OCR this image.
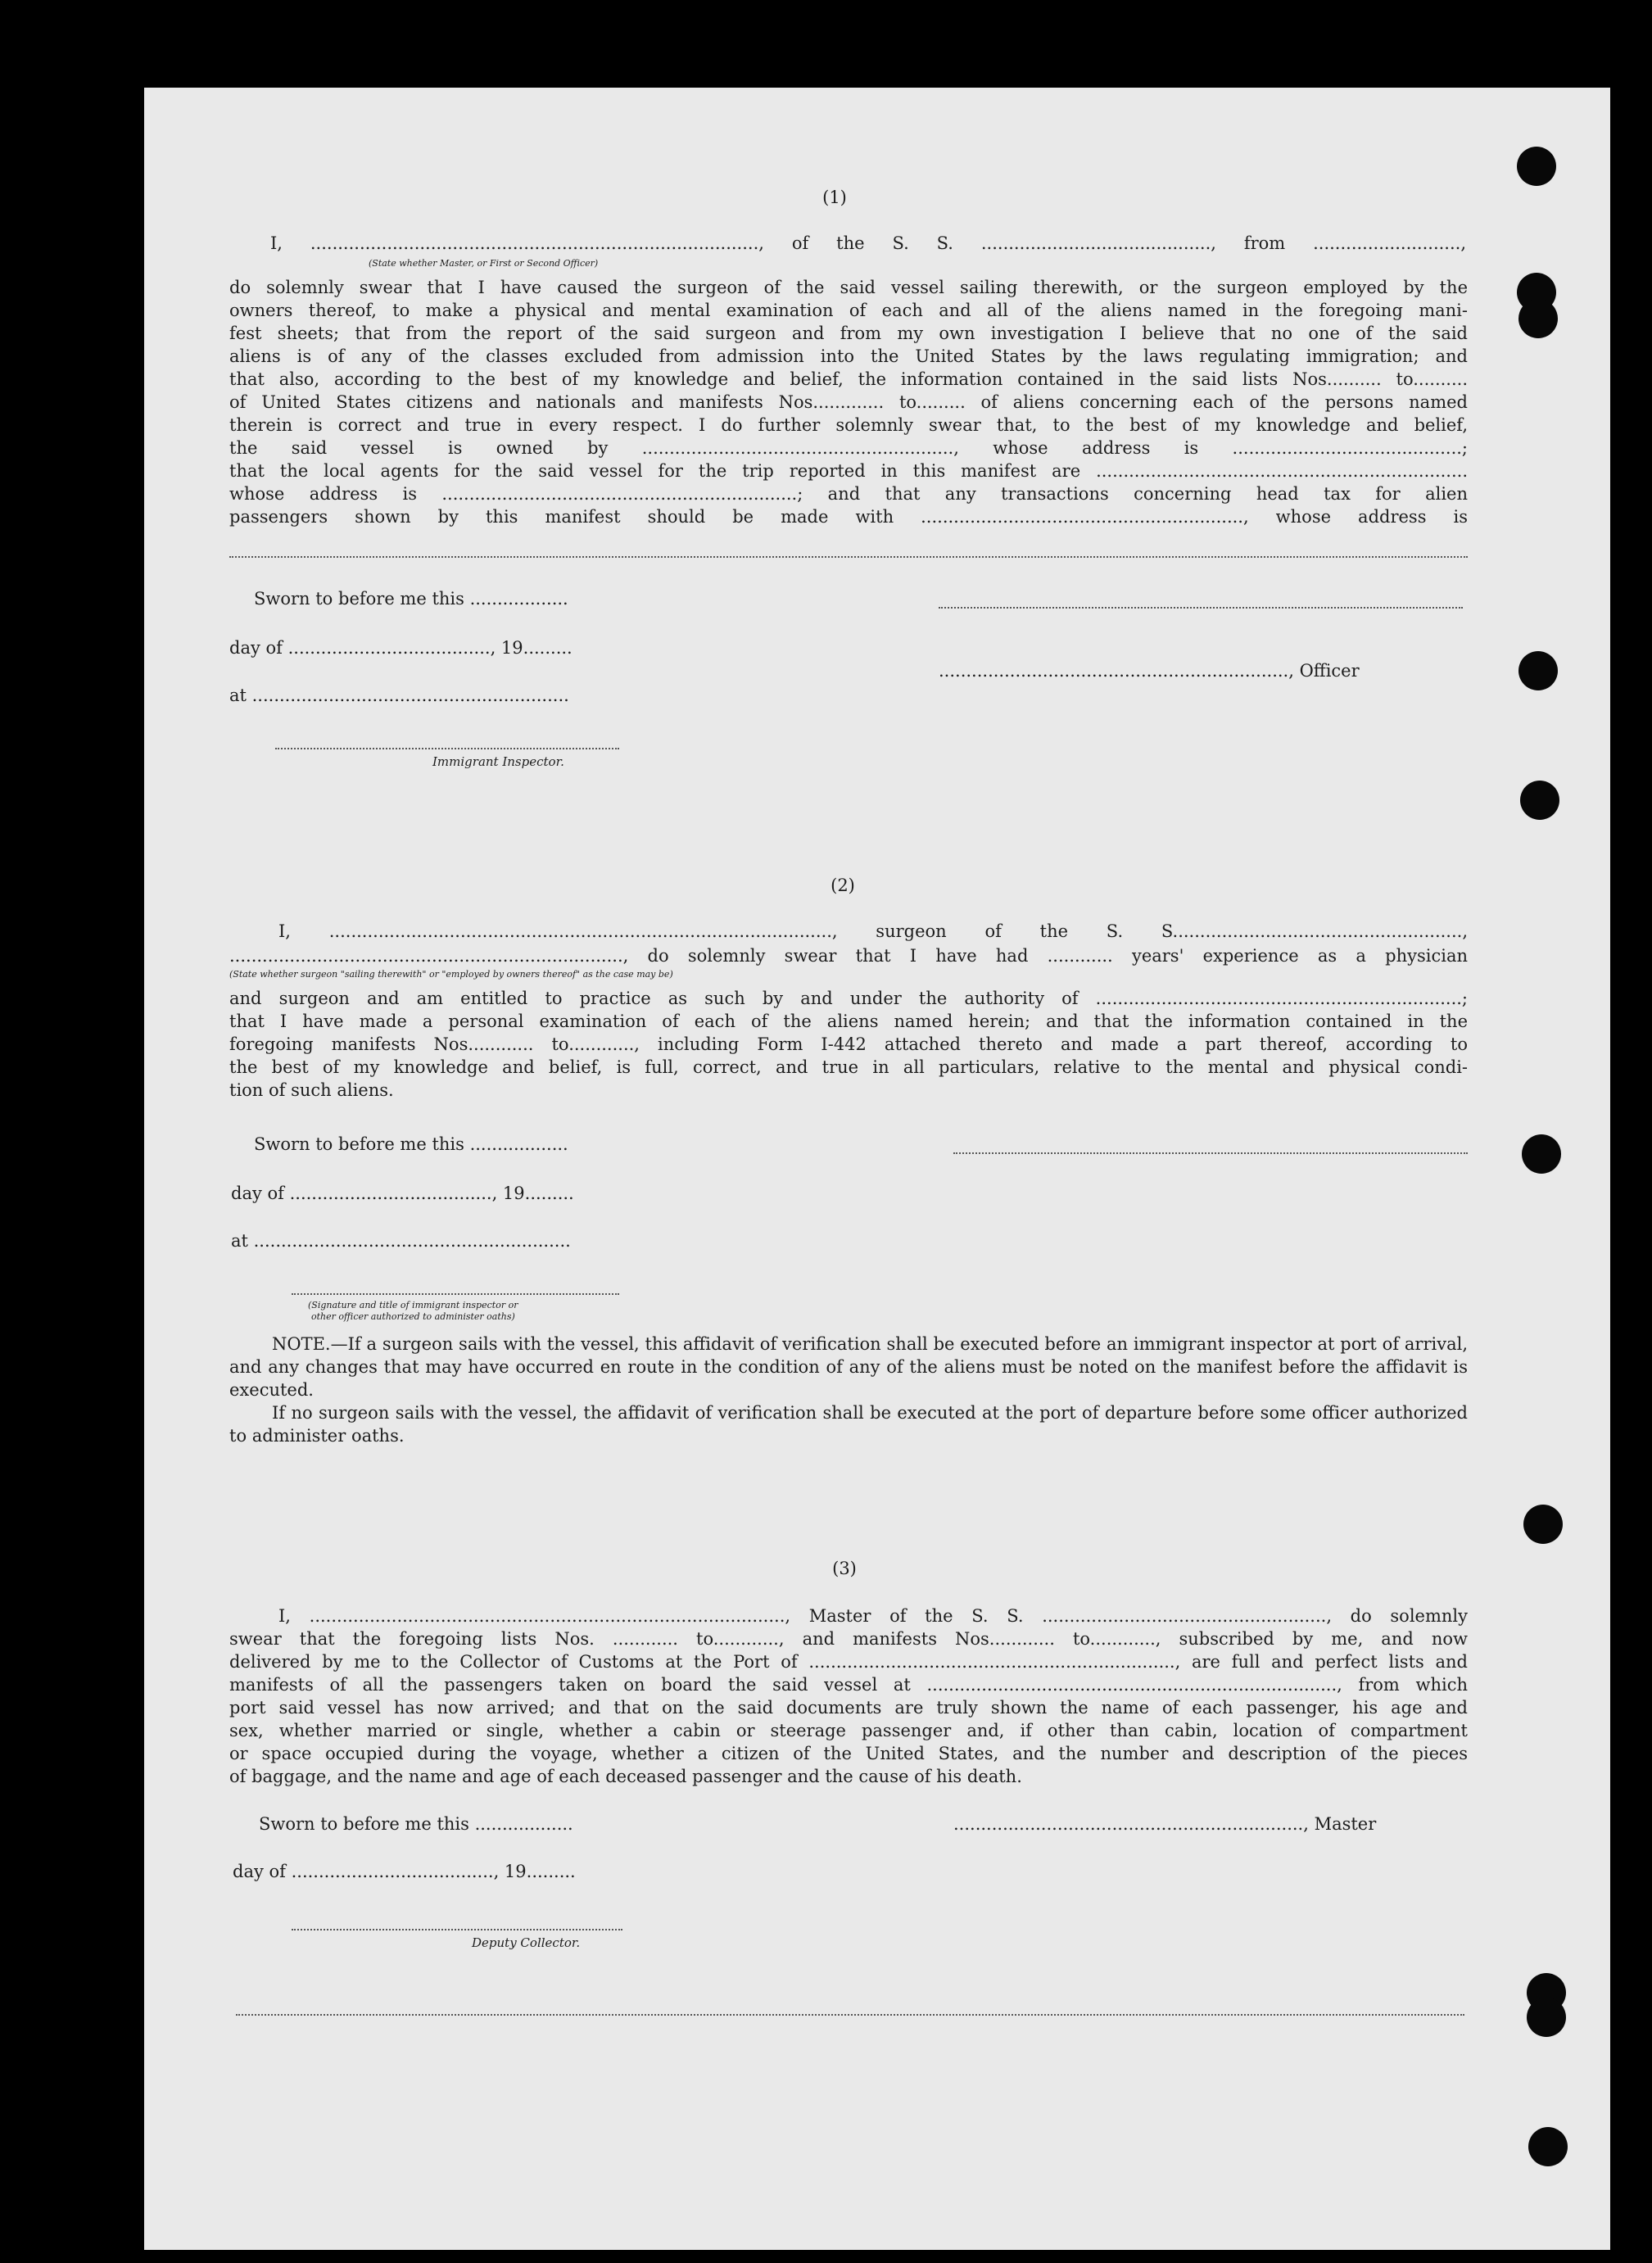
(1)
I, .................................................................................., of the S. S. .........................................., from ...........................,
(State whether Master, or First or Second Officer)
do solemnly swear that I have caused the surgeon of the said vessel sailing therewith, or the surgeon employed by the
owners thereof, to make a physical and mental examination of each and all of the aliens named in the foregoing mani-
fest sheets; that from the report of the said surgeon and from my own investigation I believe that no one of the said
aliens is of any of the classes excluded from admission into the United States by the laws regulating immigration; and
that also, according to the best of my knowledge and belief, the information contained in the said lists Nos.......... to..........
of United States citizens and nationals and manifests Nos............. to......... of aliens concerning each of the persons named
therein is correct and true in every respect. I do further solemnly swear that, to the best of my knowledge and belief,
the said vessel is owned by ........................................................., whose address is ..........................................;
that the local agents for the said vessel for the trip reported in this manifest are ....................................................................
whose address is .................................................................; and that any transactions concerning head tax for alien
passengers shown by this manifest should be made with ..........................................................., whose address is
Sworn to before me this ..................
day of ....................................., 19.........
................................................................, Officer
at ..........................................................
Immigrant Inspector.
(2)
I, ............................................................................................, surgeon of the S. S.....................................................,
........................................................................, do solemnly swear that I have had ............ years' experience as a physician
(State whether surgeon "sailing therewith" or "employed by owners thereof" as the case may be)
and surgeon and am entitled to practice as such by and under the authority of ...................................................................;
that I have made a personal examination of each of the aliens named herein; and that the information contained in the
foregoing manifests Nos............ to............, including Form I-442 attached thereto and made a part thereof, according to
the best of my knowledge and belief, is full, correct, and true in all particulars, relative to the mental and physical condi-
tion of such aliens.
Sworn to before me this ..................
day of ....................................., 19.........
at ..........................................................
(Signature and title of immigrant inspector or
other officer authorized to administer oaths)
NOTE.—If a surgeon sails with the vessel, this affidavit of verification shall be executed before an immigrant inspector at port of arrival, and any changes that may have occurred en route in the condition of any of the aliens must be noted on the manifest before the affidavit is executed.
If no surgeon sails with the vessel, the affidavit of verification shall be executed at the port of departure before some officer authorized to administer oaths.
(3)
I, ......................................................................................., Master of the S. S. ...................................................., do solemnly
swear that the foregoing lists Nos. ............ to............, and manifests Nos............ to............, subscribed by me, and now
delivered by me to the Collector of Customs at the Port of ..................................................................., are full and perfect lists and
manifests of all the passengers taken on board the said vessel at ..........................................................................., from which
port said vessel has now arrived; and that on the said documents are truly shown the name of each passenger, his age and
sex, whether married or single, whether a cabin or steerage passenger and, if other than cabin, location of compartment
or space occupied during the voyage, whether a citizen of the United States, and the number and description of the pieces
of baggage, and the name and age of each deceased passenger and the cause of his death.
Sworn to before me this ..................	................................................................, Master
day of ....................................., 19.........
Deputy Collector.
